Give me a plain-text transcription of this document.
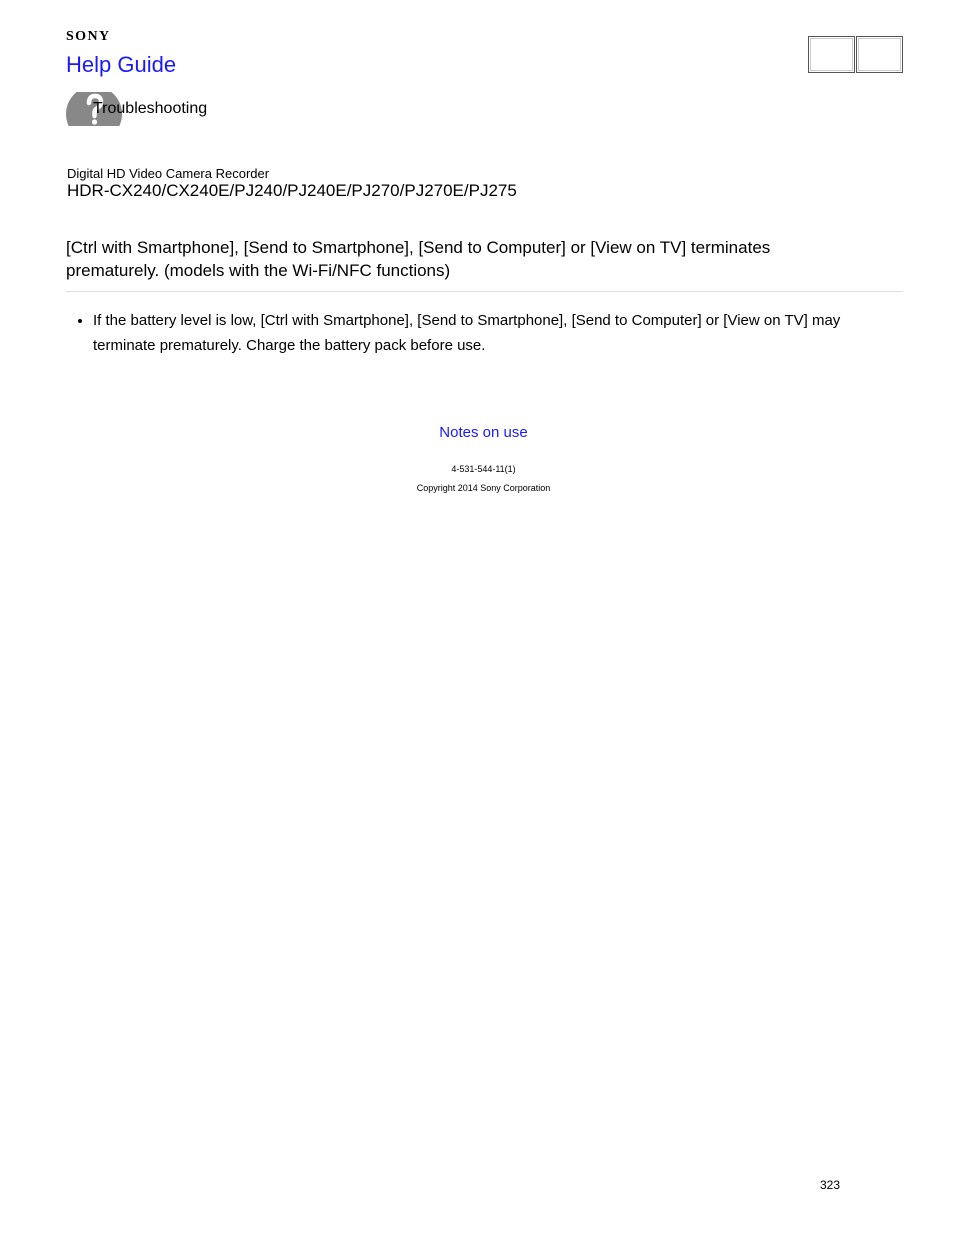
SONY
Help Guide
Troubleshooting
Digital HD Video Camera Recorder
HDR-CX240/CX240E/PJ240/PJ240E/PJ270/PJ270E/PJ275
[Ctrl with Smartphone], [Send to Smartphone], [Send to Computer] or [View on TV] terminates prematurely. (models with the Wi-Fi/NFC functions)
• If the battery level is low, [Ctrl with Smartphone], [Send to Smartphone], [Send to Computer] or [View on TV] may terminate prematurely. Charge the battery pack before use.
Notes on use
4-531-544-11(1)
Copyright 2014 Sony Corporation
323
